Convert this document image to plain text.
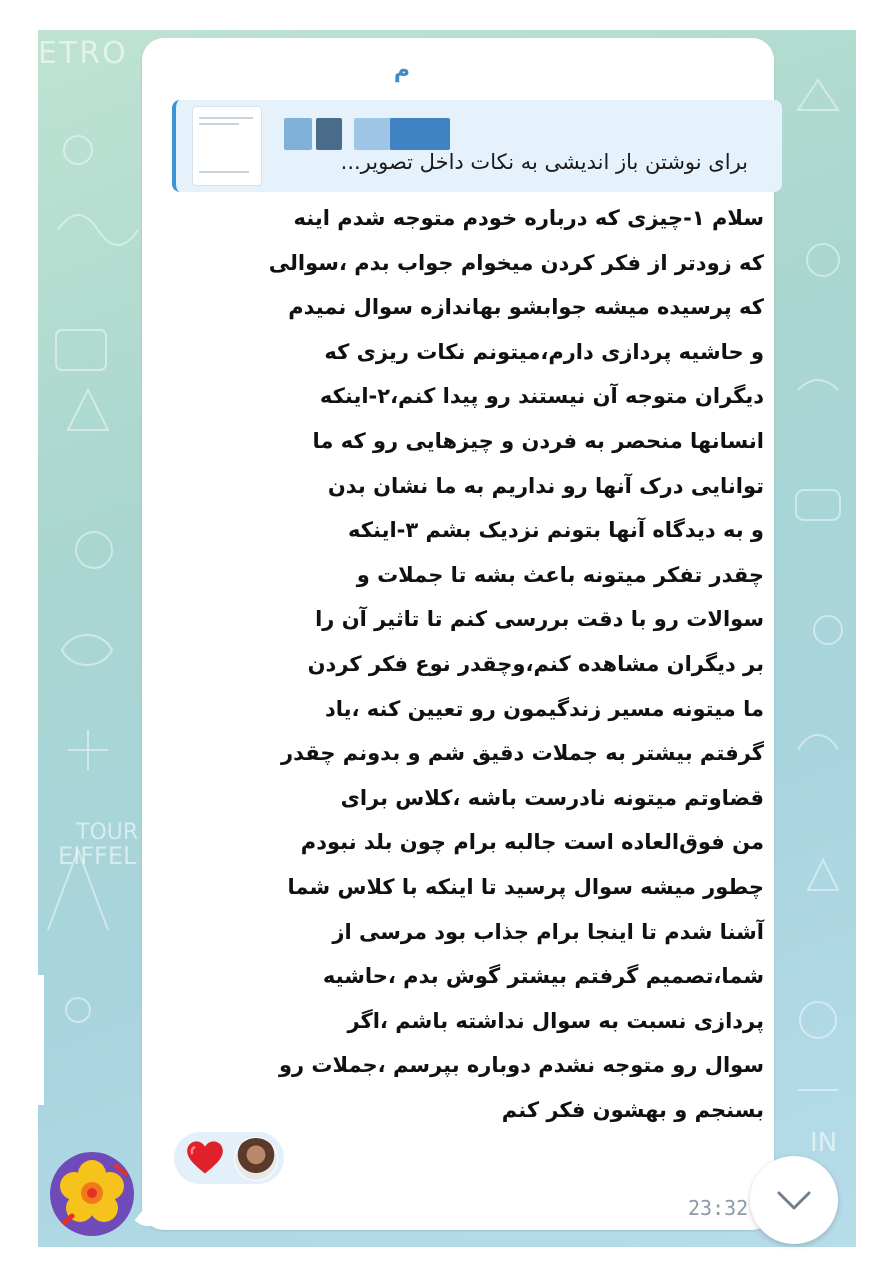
ETRO
TOUR
EIFFEL
IN
م
برای نوشتن باز اندیشی به نکات داخل تصویر...
سلام ۱-چیزی که درباره خودم متوجه شدم اینه
که زودتر از فکر کردن میخوام جواب بدم ،سوالی
که پرسیده میشه جوابشو بهاندازه سوال نمیدم
و حاشیه پردازی دارم،میتونم نکات ریزی که
دیگران متوجه آن نیستند رو پیدا کنم،۲-اینکه
انسانها منحصر به فردن و چیزهایی رو که ما
توانایی درک آنها رو نداریم به ما نشان بدن
و به دیدگاه آنها بتونم نزدیک بشم ۳-اینکه
چقدر تفکر میتونه باعث بشه تا جملات و
سوالات رو با دقت بررسی کنم تا تاثیر آن را
بر دیگران مشاهده کنم،وچقدر نوع فکر کردن
ما میتونه مسیر زندگیمون رو تعیین کنه ،یاد
گرفتم بیشتر به جملات دقیق شم و بدونم چقدر
قضاوتم میتونه نادرست باشه ،کلاس برای
من فوق‌العاده است جالبه برام چون بلد نبودم
چطور میشه سوال پرسید تا اینکه با کلاس شما
آشنا شدم تا اینجا برام جذاب بود مرسی از
شما،تصمیم گرفتم بیشتر گوش بدم ،حاشیه
پردازی نسبت به سوال نداشته باشم ،اگر
سوال رو متوجه نشدم دوباره بپرسم ،جملات رو
بسنجم و بهشون فکر کنم
23:32
